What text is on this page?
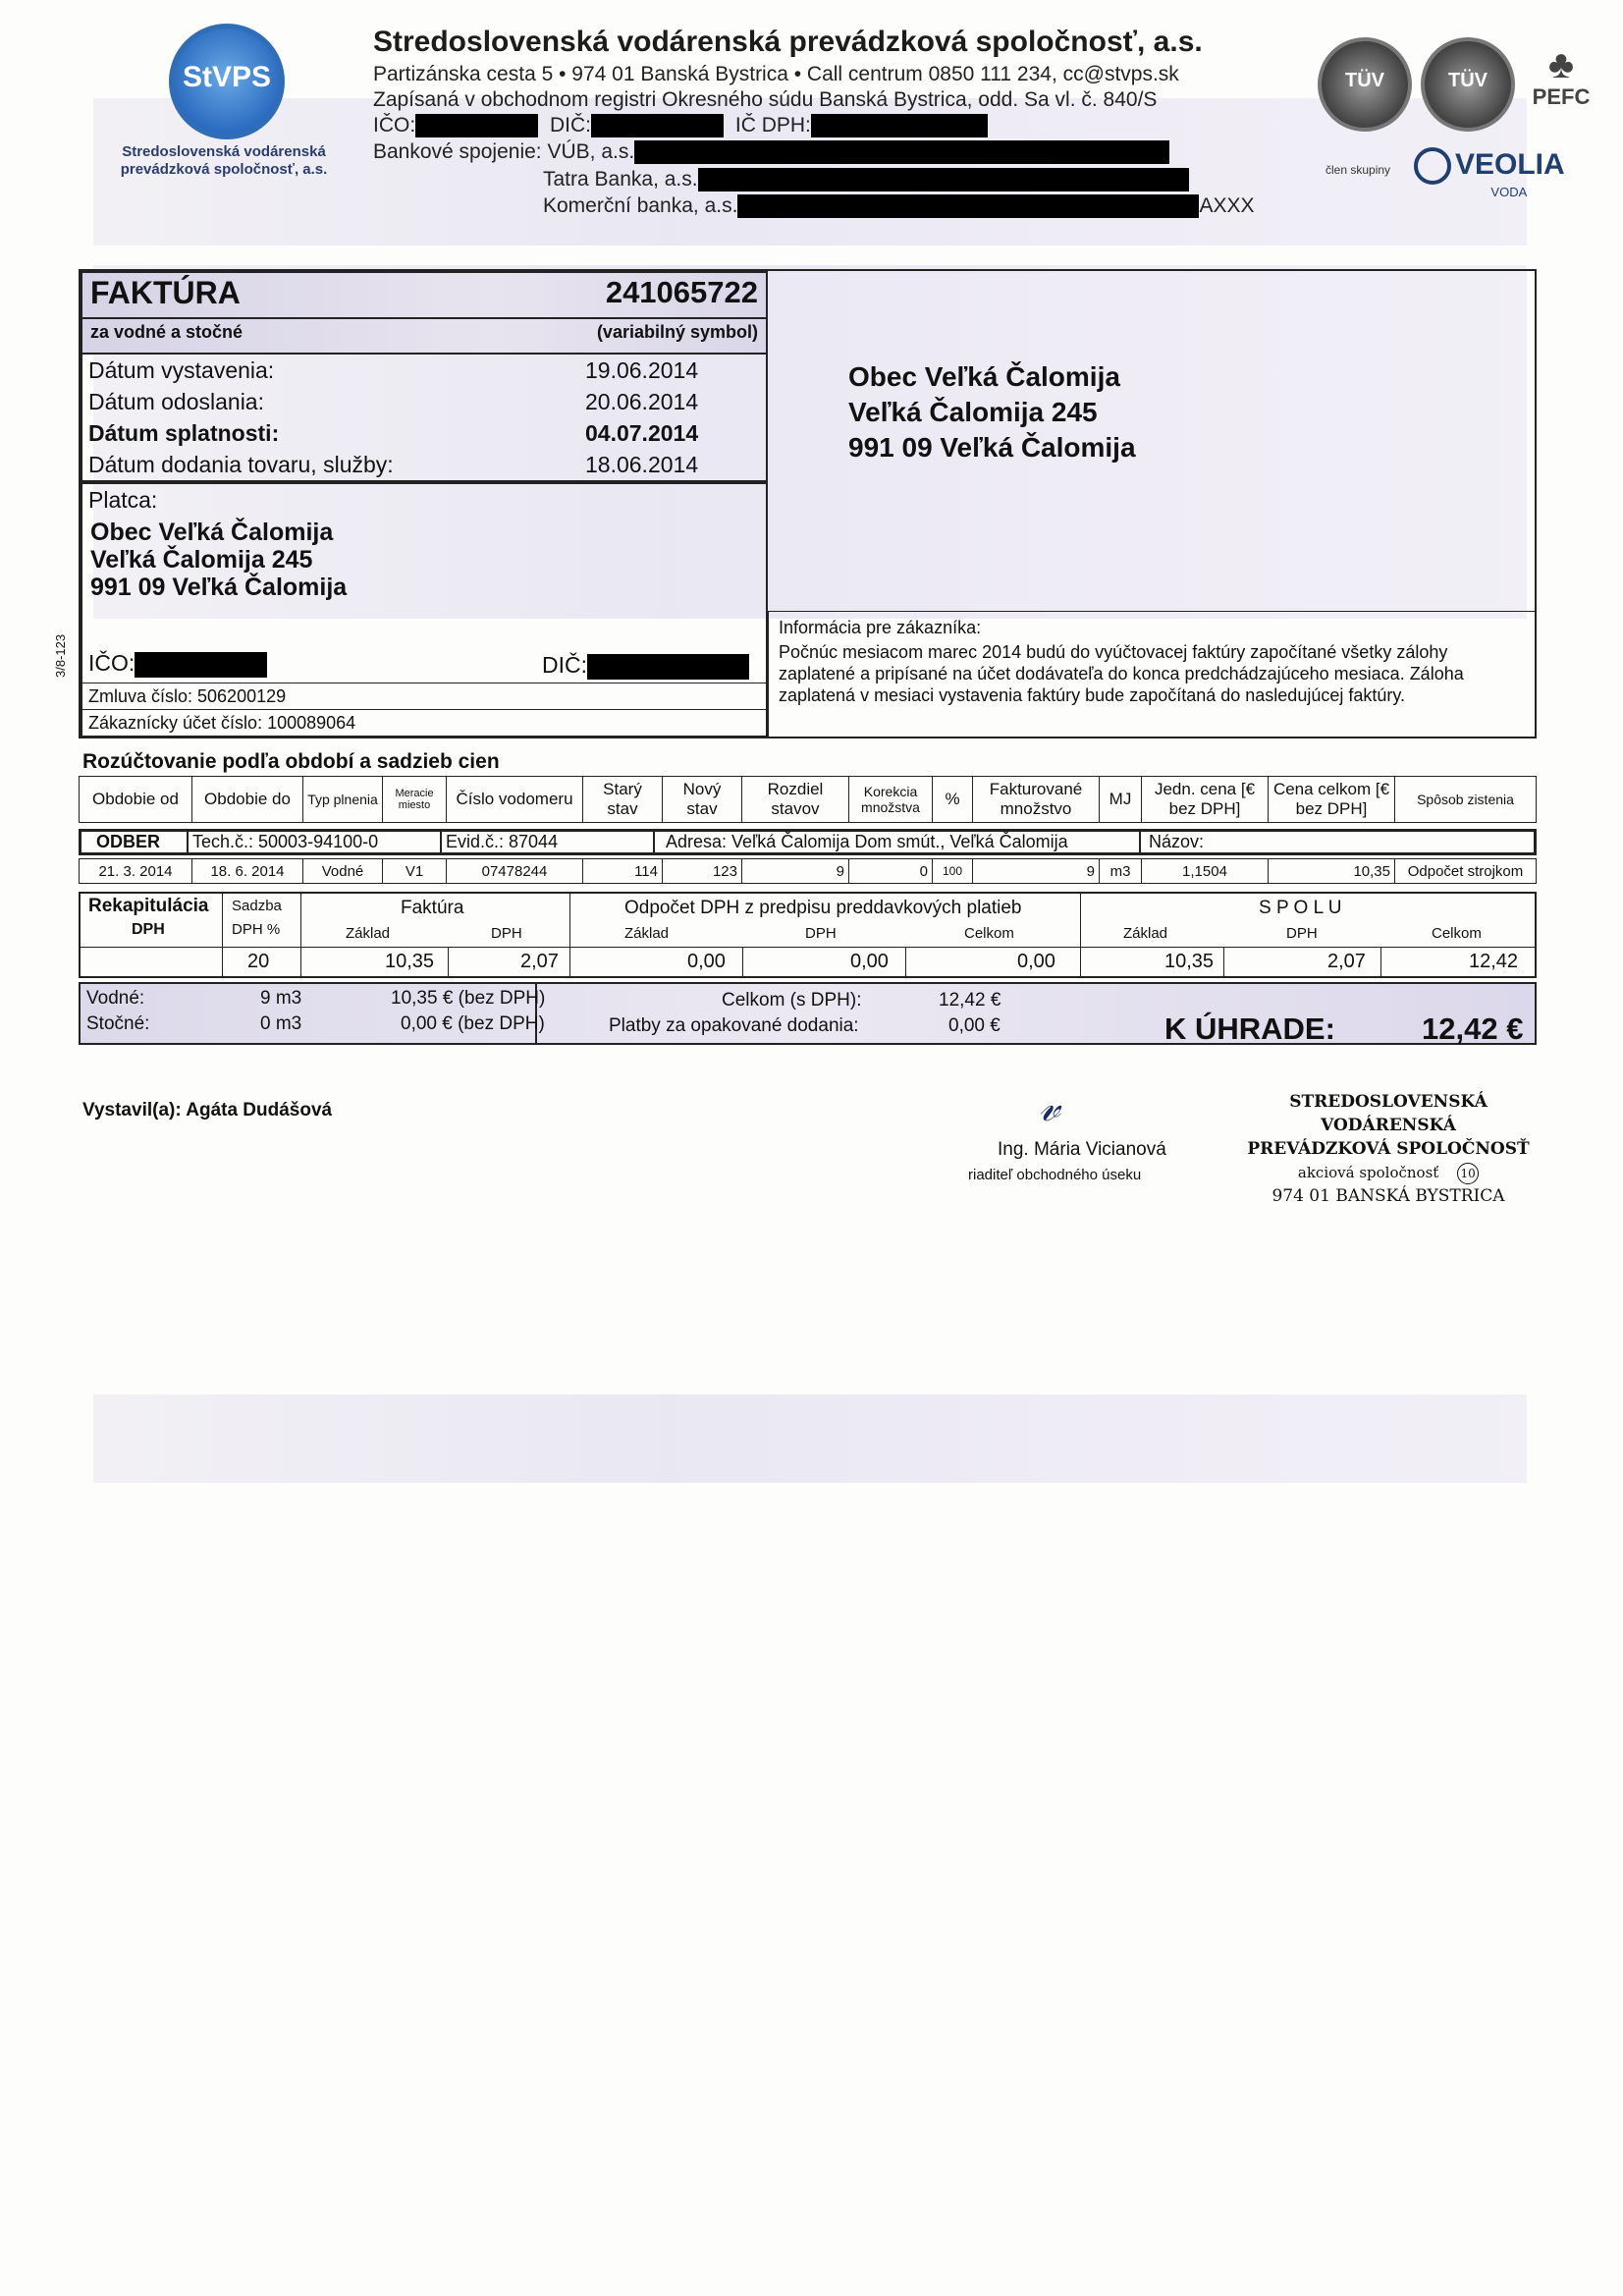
StVPS
Stredoslovenská vodárenská
prevádzková spoločnosť, a.s.
Stredoslovenská vodárenská prevádzková spoločnosť, a.s.
Partizánska cesta 5 • 974 01 Banská Bystrica • Call centrum 0850 111 234, cc@stvps.sk
Zapísaná v obchodnom registri Okresného súdu Banská Bystrica, odd. Sa vl. č. 840/S
IČO:	DIČ:	IČ DPH:
Bankové spojenie: VÚB, a.s.
Tatra Banka, a.s.
Komerční banka, a.s.	AXXX
TÜV	TÜV	♣
PEFC
člen skupiny	VEOLIA
VODA
FAKTÚRA
za vodné a stočné
241065722
(variabilný symbol)
Dátum vystavenia:	19.06.2014
Dátum odoslania:	20.06.2014
Dátum splatnosti:	04.07.2014
Dátum dodania tovaru, služby:	18.06.2014
Platca:
Obec Veľká Čalomija
Veľká Čalomija 245
991 09 Veľká Čalomija
3/8-123 IČO:	DIČ:
Zmluva číslo: 506200129
Zákaznícky účet číslo: 100089064
Obec Veľká Čalomija
Veľká Čalomija 245
991 09 Veľká Čalomija
Informácia pre zákazníka:
Počnúc mesiacom marec 2014 budú do vyúčtovacej faktúry započítané všetky zálohy zaplatené a pripísané na účet dodávateľa do konca predchádzajúceho mesiaca. Záloha zaplatená v mesiaci vystavenia faktúry bude započítaná do nasledujúcej faktúry.
Rozúčtovanie podľa období a sadzieb cien
Obdobie od	Obdobie do	Typ plnenia	Meracie miesto	Číslo vodomeru	Starý stav	Nový stav	Rozdiel stavov	Korekcia množstva	%	Fakturované množstvo	MJ	Jedn. cena [€ bez DPH]	Cena celkom [€ bez DPH]	Spôsob zistenia
ODBER Tech.č.: 50003-94100-0	Evid.č.: 87044	Adresa: Veľká Čalomija Dom smút., Veľká Čalomija	Názov:
21. 3. 2014	18. 6. 2014	Vodné	V1	07478244	114	123	9	0	100	9	m3	1,1504	10,35	Odpočet strojkom
Rekapitulácia
DPH
Sadzba
DPH %
Faktúra
Základ	DPH
Odpočet DPH z predpisu preddavkových platieb
Základ	DPH	Celkom
S P O L U
Základ	DPH	Celkom
20	10,35	2,07	0,00	0,00	0,00	10,35	2,07	12,42
Vodné:	9 m3	10,35 € (bez DPH)
Stočné:	0 m3	0,00 € (bez DPH)
Celkom (s DPH):	12,42 €
Platby za opakované dodania:	0,00 €	K ÚHRADE:	12,42 €
Vystavil(a): Agáta Dudášová	𝓋
Ing. Mária Vicianová
riaditeľ obchodného úseku
STREDOSLOVENSKÁ VODÁRENSKÁ
PREVÁDZKOVÁ SPOLOČNOSŤ
akciová spoločnosť 10
974 01 BANSKÁ BYSTRICA
